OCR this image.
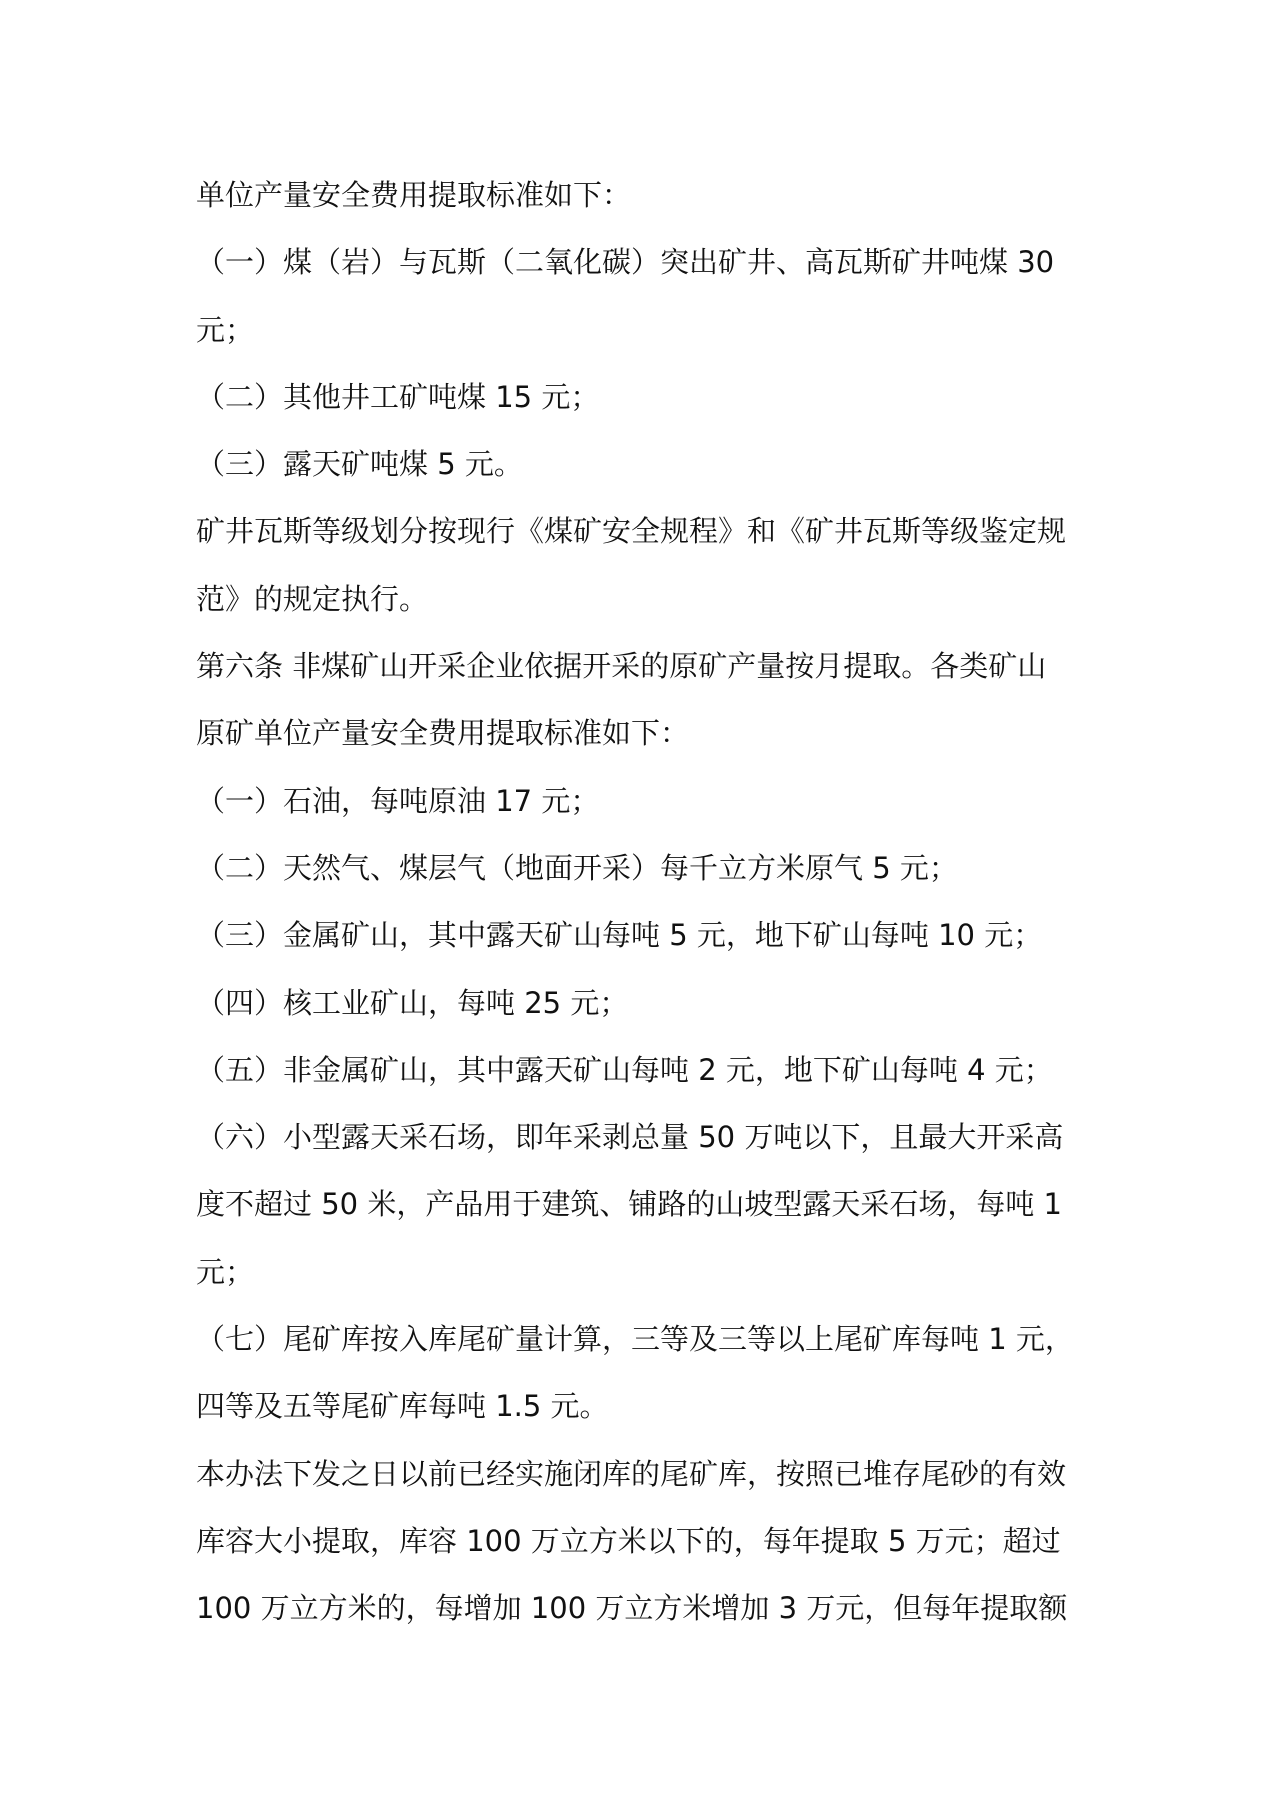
单位产量安全费用提取标准如下：
（一）煤（岩）与瓦斯（二氧化碳）突出矿井、高瓦斯矿井吨煤 30
元；
（二）其他井工矿吨煤 15 元；
（三）露天矿吨煤 5 元。
矿井瓦斯等级划分按现行《煤矿安全规程》和《矿井瓦斯等级鉴定规
范》的规定执行。
第六条 非煤矿山开采企业依据开采的原矿产量按月提取。各类矿山
原矿单位产量安全费用提取标准如下：
（一）石油，每吨原油 17 元；
（二）天然气、煤层气（地面开采）每千立方米原气 5 元；
（三）金属矿山，其中露天矿山每吨 5 元，地下矿山每吨 10 元；
（四）核工业矿山，每吨 25 元；
（五）非金属矿山，其中露天矿山每吨 2 元，地下矿山每吨 4 元；
（六）小型露天采石场，即年采剥总量 50 万吨以下，且最大开采高
度不超过 50 米，产品用于建筑、铺路的山坡型露天采石场，每吨 1
元；
（七）尾矿库按入库尾矿量计算，三等及三等以上尾矿库每吨 1 元，
四等及五等尾矿库每吨 1.5 元。
本办法下发之日以前已经实施闭库的尾矿库，按照已堆存尾砂的有效
库容大小提取，库容 100 万立方米以下的，每年提取 5 万元；超过
100 万立方米的，每增加 100 万立方米增加 3 万元，但每年提取额
